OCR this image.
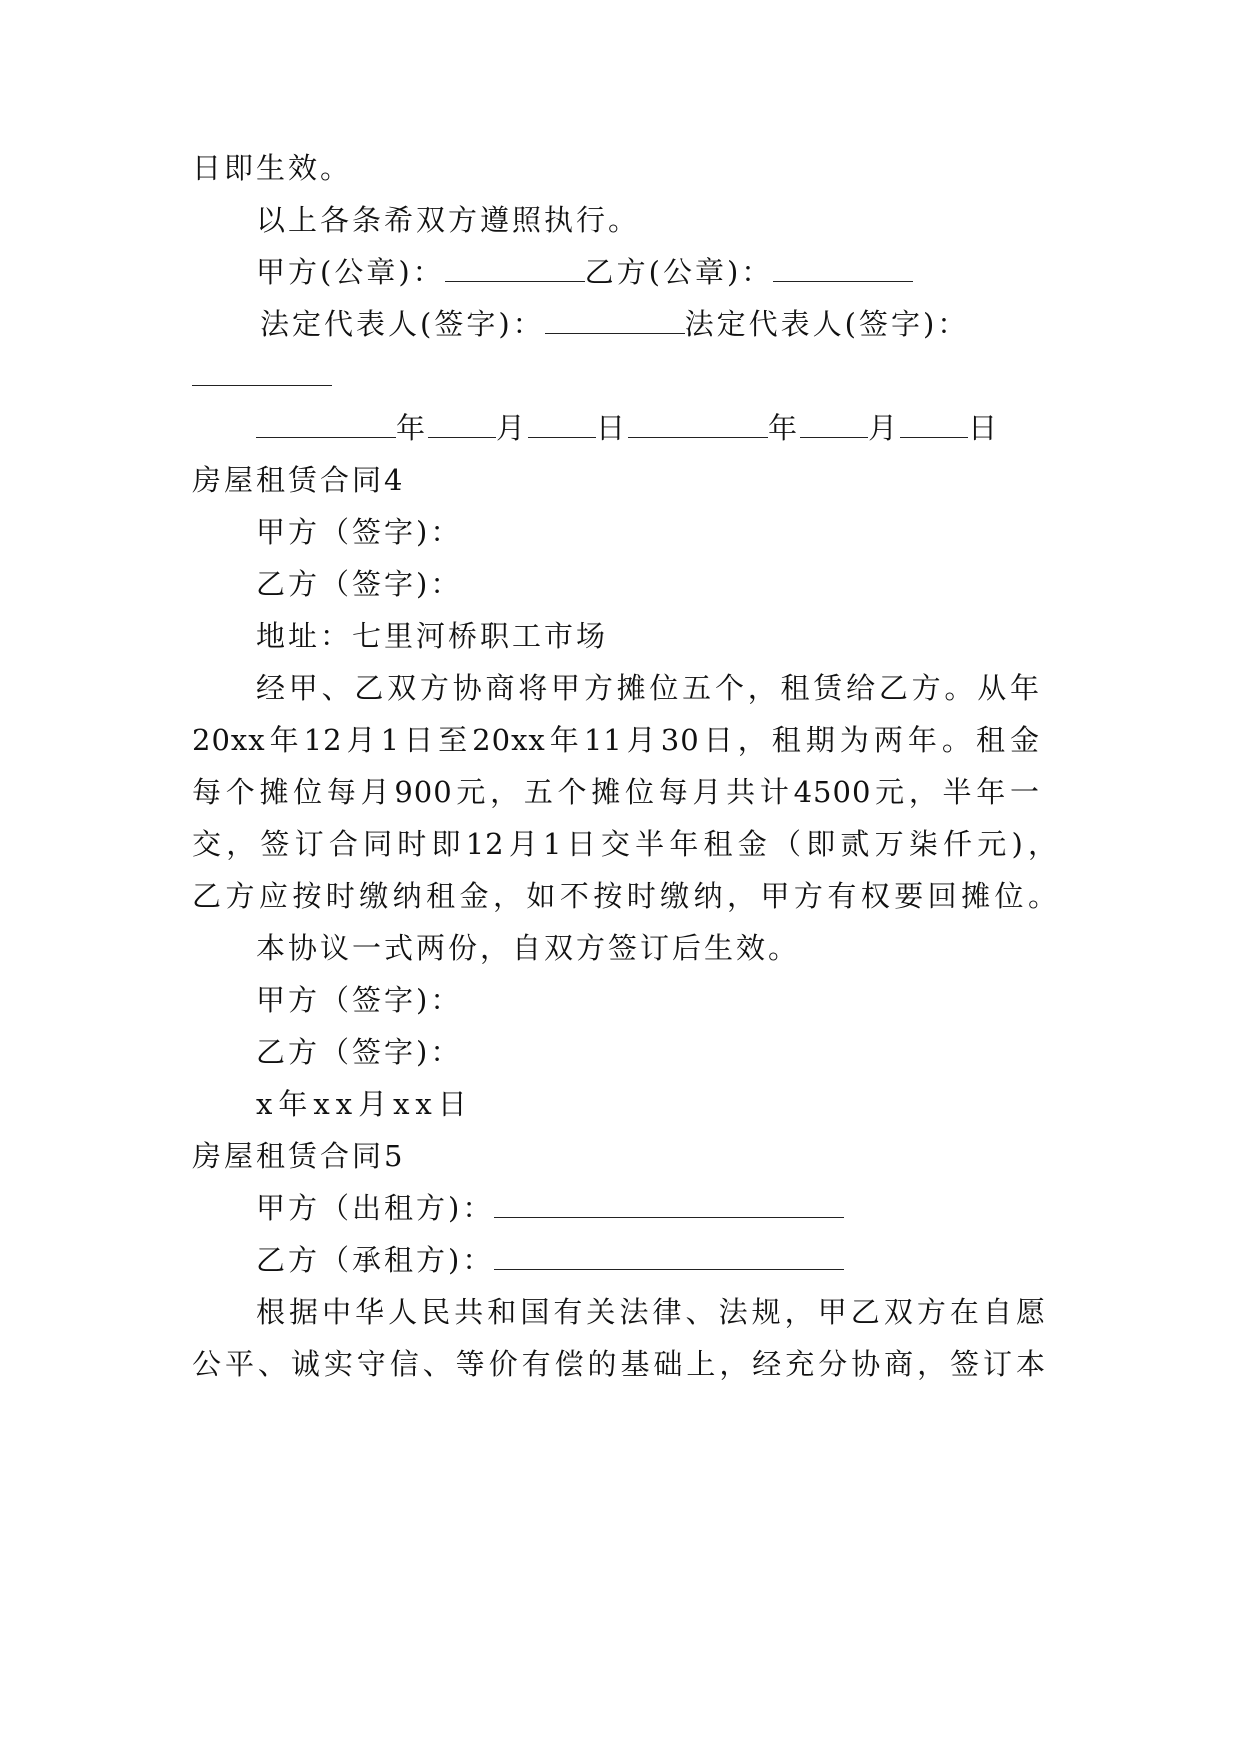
日即生效。
以上各条希双方遵照执行。
甲方(公章)：	乙方(公章)：
法定代表人(签字)：	法定代表人(签字)：
年 月 日	年 月 日
房屋租赁合同4
甲方（签字)：
乙方（签字)：
地址：七里河桥职工市场
经甲、乙双方协商将甲方摊位五个，租赁给乙方。从年
20xx年12月1日至20xx年11月30日，租期为两年。租金
每个摊位每月900元，五个摊位每月共计4500元，半年一
交，签订合同时即12月1日交半年租金（即贰万柒仟元)，
乙方应按时缴纳租金，如不按时缴纳，甲方有权要回摊位。
本协议一式两份，自双方签订后生效。
甲方（签字)：
乙方（签字)：
x年xx月xx日
房屋租赁合同5
甲方（出租方)：
乙方（承租方)：
根据中华人民共和国有关法律、法规，甲乙双方在自愿
公平、诚实守信、等价有偿的基础上，经充分协商，签订本
